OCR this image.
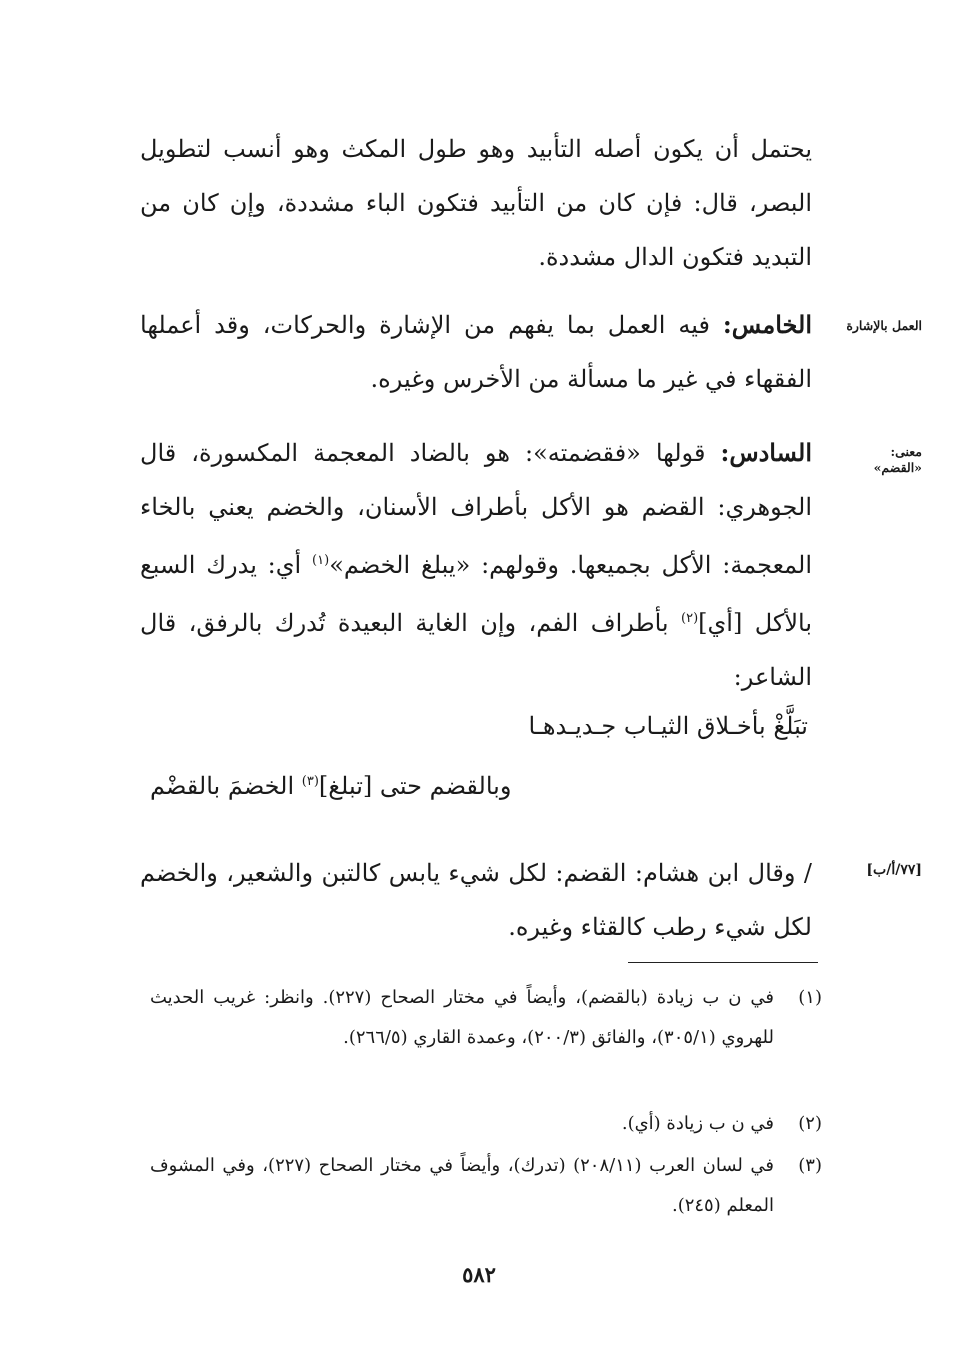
يحتمل أن يكون أصله التأبيد وهو طول المكث وهو أنسب لتطويل البصر، قال: فإن كان من التأبيد فتكون الباء مشددة، وإن كان من التبديد فتكون الدال مشددة.
العمل بالإشارة
الخامس: فيه العمل بما يفهم من الإشارة والحركات، وقد أعملها الفقهاء في غير ما مسألة من الأخرس وغيره.
معنى:
«القضم»
السادس: قولها «فقضمته»: هو بالضاد المعجمة المكسورة، قال الجوهري: القضم هو الأكل بأطراف الأسنان، والخضم يعني بالخاء المعجمة: الأكل بجميعها. وقولهم: «يبلغ الخضم»$^{(١)}$ أي: يدرك السبع بالأكل [أي]$^{(٢)}$ بأطراف الفم، وإن الغاية البعيدة تُدرك بالرفق، قال الشاعر:
تبَلَّغْ بأخـلاق الثيـاب جـديـدهـا
وبالقضم حتى [تبلغ]$^{(٣)}$ الخضمَ بالقضْم
[٧٧/أ/ب]
/ وقال ابن هشام: القضم: لكل شيء يابس كالتبن والشعير، والخضم لكل شيء رطب كالقثاء وغيره.
(١)
في ن ب زيادة (بالقضم)، وأيضاً في مختار الصحاح (٢٢٧). وانظر: غريب الحديث للهروي (٣٠٥/١)، والفائق (٢٠٠/٣)، وعمدة القاري (٢٦٦/٥).
(٢)
في ن ب زيادة (أي).
(٣)
في لسان العرب (٢٠٨/١١) (تدرك)، وأيضاً في مختار الصحاح (٢٢٧)، وفي المشوف المعلم (٢٤٥).
٥٨٢
